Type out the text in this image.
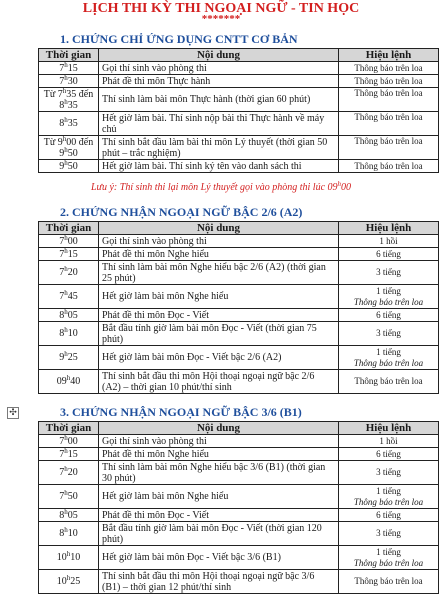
LỊCH THI KỲ THI NGOẠI NGỮ - TIN HỌC
*******
1. CHỨNG CHỈ ỨNG DỤNG CNTT CƠ BẢN
Thời gian	Nội dung	Hiệu lệnh
7$^h$15	Gọi thí sinh vào phòng thi	Thông báo trên loa
7$^h$30	Phát đề thi môn Thực hành	Thông báo trên loa
Từ 7$^h$35 đến 8$^h$35	Thí sinh làm bài môn Thực hành (thời gian 60 phút)	Thông báo trên loa
8$^h$35	Hết giờ làm bài. Thí sinh nộp bài thi Thực hành về máy chủ	Thông báo trên loa
Từ 9$^h$00 đến 9$^h$50	Thí sinh bắt đầu làm bài thi môn Lý thuyết (thời gian 50 phút – trắc nghiệm)	Thông báo trên loa
9$^h$50	Hết giờ làm bài. Thí sinh ký tên vào danh sách thi	Thông báo trên loa
Lưu ý: Thí sinh thi lại môn Lý thuyết gọi vào phòng thi lúc 09$^h$00
2. CHỨNG NHẬN NGOẠI NGỮ BẬC 2/6 (A2)
Thời gian	Nội dung	Hiệu lệnh
7$^h$00	Gọi thí sinh vào phòng thi	1 hồi
7$^h$15	Phát đề thi môn Nghe hiểu	6 tiếng
7$^h$20	Thí sinh làm bài môn Nghe hiểu bậc 2/6 (A2) (thời gian 25 phút)	3 tiếng
7$^h$45	Hết giờ làm bài môn Nghe hiểu	1 tiếng
Thông báo trên loa

8$^h$05	Phát đề thi môn Đọc - Viết	6 tiếng
8$^h$10	Bắt đầu tính giờ làm bài môn Đọc - Viết (thời gian 75 phút)	3 tiếng
9$^h$25	Hết giờ làm bài môn Đọc - Viết bậc 2/6 (A2)	1 tiếng
Thông báo trên loa

09$^h$40	Thí sinh bắt đầu thi môn Hội thoại ngoại ngữ bậc 2/6 (A2) – thời gian 10 phút/thí sinh	Thông báo trên loa
✣	3. CHỨNG NHẬN NGOẠI NGỮ BẬC 3/6 (B1)
Thời gian	Nội dung	Hiệu lệnh
7$^h$00	Gọi thí sinh vào phòng thi	1 hồi
7$^h$15	Phát đề thi môn Nghe hiểu	6 tiếng
7$^h$20	Thí sinh làm bài môn Nghe hiểu bậc 3/6 (B1) (thời gian 30 phút)	3 tiếng
7$^h$50	Hết giờ làm bài môn Nghe hiểu	1 tiếng
Thông báo trên loa

8$^h$05	Phát đề thi môn Đọc - Viết	6 tiếng
8$^h$10	Bắt đầu tính giờ làm bài môn Đọc - Viết (thời gian 120 phút)	3 tiếng
10$^h$10	Hết giờ làm bài môn Đọc - Viết bậc 3/6 (B1)	1 tiếng
Thông báo trên loa

10$^h$25	Thí sinh bắt đầu thi môn Hội thoại ngoại ngữ bậc 3/6 (B1) – thời gian 12 phút/thí sinh	Thông báo trên loa
